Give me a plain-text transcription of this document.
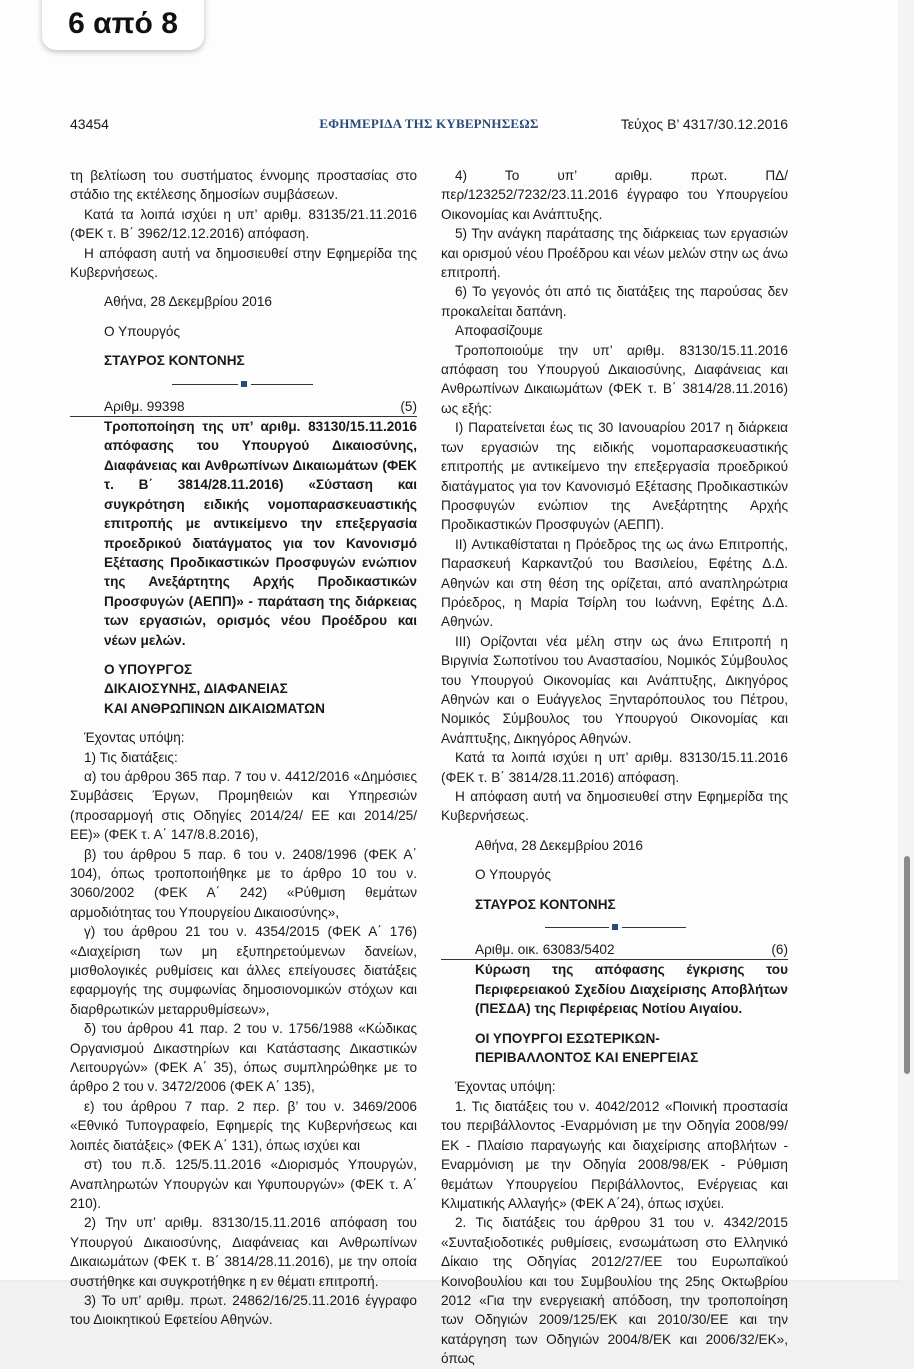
6 από 8
43454	ΕΦΗΜΕΡΙΔΑ ΤΗΣ ΚΥΒΕΡΝΗΣΕΩΣ	Τεύχος Β’ 4317/30.12.2016

τη βελτίωση του συστήματος έννομης προστασίας στο στάδιο της εκτέλεσης δημοσίων συμβάσεων.

Κατά τα λοιπά ισχύει η υπ’ αριθμ. 83135/21.11.2016 (ΦΕΚ τ. Β΄ 3962/12.12.2016) απόφαση.

Η απόφαση αυτή να δημοσιευθεί στην Εφημερίδα της Κυβερνήσεως.

Αθήνα, 28 Δεκεμβρίου 2016

Ο Υπουργός

ΣΤΑΥΡΟΣ ΚΟΝΤΟΝΗΣ

Αριθμ. 99398	(5)

Τροποποίηση της υπ’ αριθμ. 83130/15.11.2016 απόφασης του Υπουργού Δικαιοσύνης, Διαφάνειας και Ανθρωπίνων Δικαιωμάτων (ΦΕΚ τ. Β΄ 3814/28.11.2016) «Σύσταση και συγκρότηση ειδικής νομοπαρασκευαστικής επιτροπής με αντικείμενο την επεξεργασία προεδρικού διατάγματος για τον Κανονισμό Εξέτασης Προδικαστικών Προσφυγών ενώπιον της Ανεξάρτητης Αρχής Προδικαστικών Προσφυγών (ΑΕΠΠ)» - παράταση της διάρκειας των εργασιών, ορισμός νέου Προέδρου και νέων μελών.

Ο ΥΠΟΥΡΓΟΣ

ΔΙΚΑΙΟΣΥΝΗΣ, ΔΙΑΦΑΝΕΙΑΣ

ΚΑΙ ΑΝΘΡΩΠΙΝΩΝ ΔΙΚΑΙΩΜΑΤΩΝ

Έχοντας υπόψη:

1) Τις διατάξεις:

α) του άρθρου 365 παρ. 7 του ν. 4412/2016 «Δημόσιες Συμβάσεις Έργων, Προμηθειών και Υπηρεσιών (προσαρμογή στις Οδηγίες 2014/24/ ΕΕ και 2014/25/ΕΕ)» (ΦΕΚ τ. Α΄ 147/8.8.2016),

β) του άρθρου 5 παρ. 6 του ν. 2408/1996 (ΦΕΚ Α΄ 104), όπως τροποποιήθηκε με το άρθρο 10 του ν. 3060/2002 (ΦΕΚ Α΄ 242) «Ρύθμιση θεμάτων αρμοδιότητας του Υπουργείου Δικαιοσύνης»,

γ) του άρθρου 21 του ν. 4354/2015 (ΦΕΚ Α΄ 176) «Διαχείριση των μη εξυπηρετούμενων δανείων, μισθολογικές ρυθμίσεις και άλλες επείγουσες διατάξεις εφαρμογής της συμφωνίας δημοσιονομικών στόχων και διαρθρωτικών μεταρρυθμίσεων»,

δ) του άρθρου 41 παρ. 2 του ν. 1756/1988 «Κώδικας Οργανισμού Δικαστηρίων και Κατάστασης Δικαστικών Λειτουργών» (ΦΕΚ Α΄ 35), όπως συμπληρώθηκε με το άρθρο 2 του ν. 3472/2006 (ΦΕΚ Α΄ 135),

ε) του άρθρου 7 παρ. 2 περ. β’ του ν. 3469/2006 «Εθνικό Τυπογραφείο, Εφημερίς της Κυβερνήσεως και λοιπές διατάξεις» (ΦΕΚ Α΄ 131), όπως ισχύει και

στ) του π.δ. 125/5.11.2016 «Διορισμός Υπουργών, Αναπληρωτών Υπουργών και Υφυπουργών» (ΦΕΚ τ. Α΄ 210).

2) Την υπ’ αριθμ. 83130/15.11.2016 απόφαση του Υπουργού Δικαιοσύνης, Διαφάνειας και Ανθρωπίνων Δικαιωμάτων (ΦΕΚ τ. Β΄ 3814/28.11.2016), με την οποία συστήθηκε και συγκροτήθηκε η εν θέματι επιτροπή.

3) Το υπ’ αριθμ. πρωτ. 24862/16/25.11.2016 έγγραφο του Διοικητικού Εφετείου Αθηνών.

4) Το υπ’ αριθμ. πρωτ. ΠΔ/περ/123252/7232/23.11.2016 έγγραφο του Υπουργείου Οικονομίας και Ανάπτυξης.

5) Την ανάγκη παράτασης της διάρκειας των εργασιών και ορισμού νέου Προέδρου και νέων μελών στην ως άνω επιτροπή.

6) Το γεγονός ότι από τις διατάξεις της παρούσας δεν προκαλείται δαπάνη.

Αποφασίζουμε

Τροποποιούμε την υπ’ αριθμ. 83130/15.11.2016 απόφαση του Υπουργού Δικαιοσύνης, Διαφάνειας και Ανθρωπίνων Δικαιωμάτων (ΦΕΚ τ. Β΄ 3814/28.11.2016) ως εξής:

Ι) Παρατείνεται έως τις 30 Ιανουαρίου 2017 η διάρκεια των εργασιών της ειδικής νομοπαρασκευαστικής επιτροπής με αντικείμενο την επεξεργασία προεδρικού διατάγματος για τον Κανονισμό Εξέτασης Προδικαστικών Προσφυγών ενώπιον της Ανεξάρτητης Αρχής Προδικαστικών Προσφυγών (ΑΕΠΠ).

ΙΙ) Αντικαθίσταται η Πρόεδρος της ως άνω Επιτροπής, Παρασκευή Καρκαντζού του Βασιλείου, Εφέτης Δ.Δ. Αθηνών και στη θέση της ορίζεται, από αναπληρώτρια Πρόεδρος, η Μαρία Τσίρλη του Ιωάννη, Εφέτης Δ.Δ. Αθηνών.

ΙΙΙ) Ορίζονται νέα μέλη στην ως άνω Επιτροπή η Βιργινία Σωποτίνου του Αναστασίου, Νομικός Σύμβουλος του Υπουργού Οικονομίας και Ανάπτυξης, Δικηγόρος Αθηνών και ο Ευάγγελος Ξηνταρόπουλος του Πέτρου, Νομικός Σύμβουλος του Υπουργού Οικονομίας και Ανάπτυξης, Δικηγόρος Αθηνών.

Κατά τα λοιπά ισχύει η υπ’ αριθμ. 83130/15.11.2016 (ΦΕΚ τ. Β΄ 3814/28.11.2016) απόφαση.

Η απόφαση αυτή να δημοσιευθεί στην Εφημερίδα της Κυβερνήσεως.

Αθήνα, 28 Δεκεμβρίου 2016

Ο Υπουργός

ΣΤΑΥΡΟΣ ΚΟΝΤΟΝΗΣ

Αριθμ. οικ. 63083/5402	(6)

Κύρωση της απόφασης έγκρισης του Περιφερειακού Σχεδίου Διαχείρισης Αποβλήτων (ΠΕΣΔΑ) της Περιφέρειας Νοτίου Αιγαίου.

ΟΙ ΥΠΟΥΡΓΟΙ ΕΣΩΤΕΡΙΚΩΝ-

ΠΕΡΙΒΑΛΛΟΝΤΟΣ ΚΑΙ ΕΝΕΡΓΕΙΑΣ

Έχοντας υπόψη:

1. Τις διατάξεις του ν. 4042/2012 «Ποινική προστασία του περιβάλλοντος -Εναρμόνιση με την Οδηγία 2008/99/ ΕΚ - Πλαίσιο παραγωγής και διαχείρισης αποβλήτων - Εναρμόνιση με την Οδηγία 2008/98/ΕΚ - Ρύθμιση θεμάτων Υπουργείου Περιβάλλοντος, Ενέργειας και Κλιματικής Αλλαγής» (ΦΕΚ Α΄24), όπως ισχύει.

2. Τις διατάξεις του άρθρου 31 του ν. 4342/2015 «Συνταξιοδοτικές ρυθμίσεις, ενσωμάτωση στο Ελληνικό Δίκαιο της Οδηγίας 2012/27/ΕΕ του Ευρωπαϊκού Κοινοβουλίου και του Συμβουλίου της 25ης Οκτωβρίου 2012 «Για την ενεργειακή απόδοση, την τροποποίηση των Οδηγιών 2009/125/ΕΚ και 2010/30/ΕΕ και την κατάργηση των Οδηγιών 2004/8/ΕΚ και 2006/32/ΕΚ», όπως
